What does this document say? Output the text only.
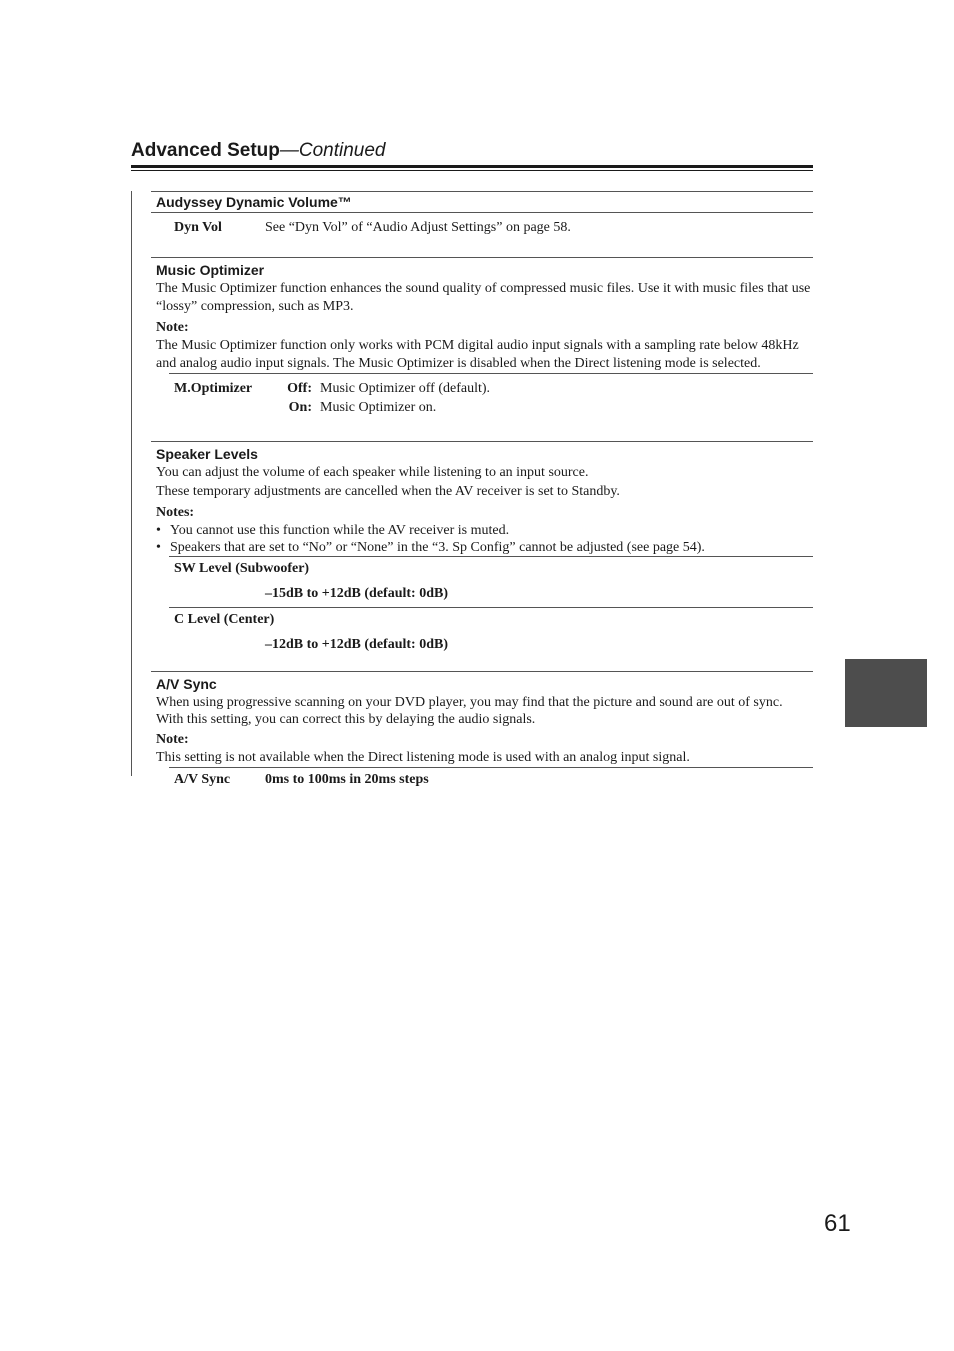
Advanced Setup—Continued
Audyssey Dynamic Volume™
Dyn Vol	See “Dyn Vol” of “Audio Adjust Settings” on page 58.
Music Optimizer

The Music Optimizer function enhances the sound quality of compressed music files. Use it with music files that use “lossy” compression, such as MP3.

Note:

The Music Optimizer function only works with PCM digital audio input signals with a sampling rate below 48kHz and analog audio input signals. The Music Optimizer is disabled when the Direct listening mode is selected.

M.Optimizer	Off: Music Optimizer off (default).
On: Music Optimizer on.
Speaker Levels

You can adjust the volume of each speaker while listening to an input source.

These temporary adjustments are cancelled when the AV receiver is set to Standby.

Notes:
• You cannot use this function while the AV receiver is muted.
• Speakers that are set to “No” or “None” in the “3. Sp Config” cannot be adjusted (see page 54).
SW Level (Subwoofer)
–15dB to +12dB (default: 0dB)
C Level (Center)
–12dB to +12dB (default: 0dB)
A/V Sync

When using progressive scanning on your DVD player, you may find that the picture and sound are out of sync. With this setting, you can correct this by delaying the audio signals.

Note:

This setting is not available when the Direct listening mode is used with an analog input signal.

A/V Sync	0ms to 100ms in 20ms steps
61
